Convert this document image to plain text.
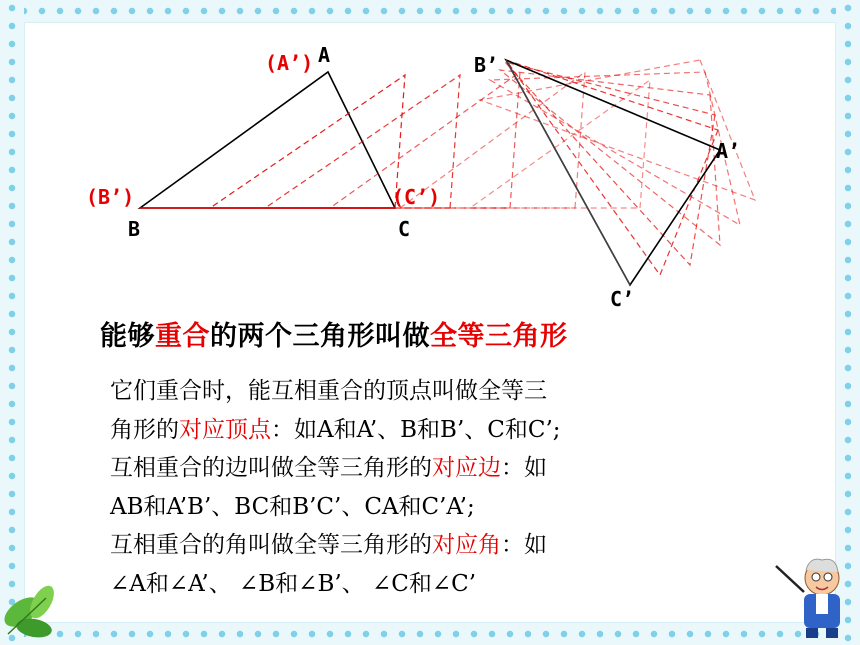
A
(A’)
B
(B’)
C
(C’)
B’
A’
C’
能够重合的两个三角形叫做全等三角形

它们重合时，能互相重合的顶点叫做全等三

角形的对应顶点：如A和A’、B和B’、C和C’;

互相重合的边叫做全等三角形的对应边：如

AB和A’B’、BC和B’C’、CA和C’A’;

互相重合的角叫做全等三角形的对应角：如

∠A和∠A’、 ∠B和∠B’、 ∠C和∠C’
